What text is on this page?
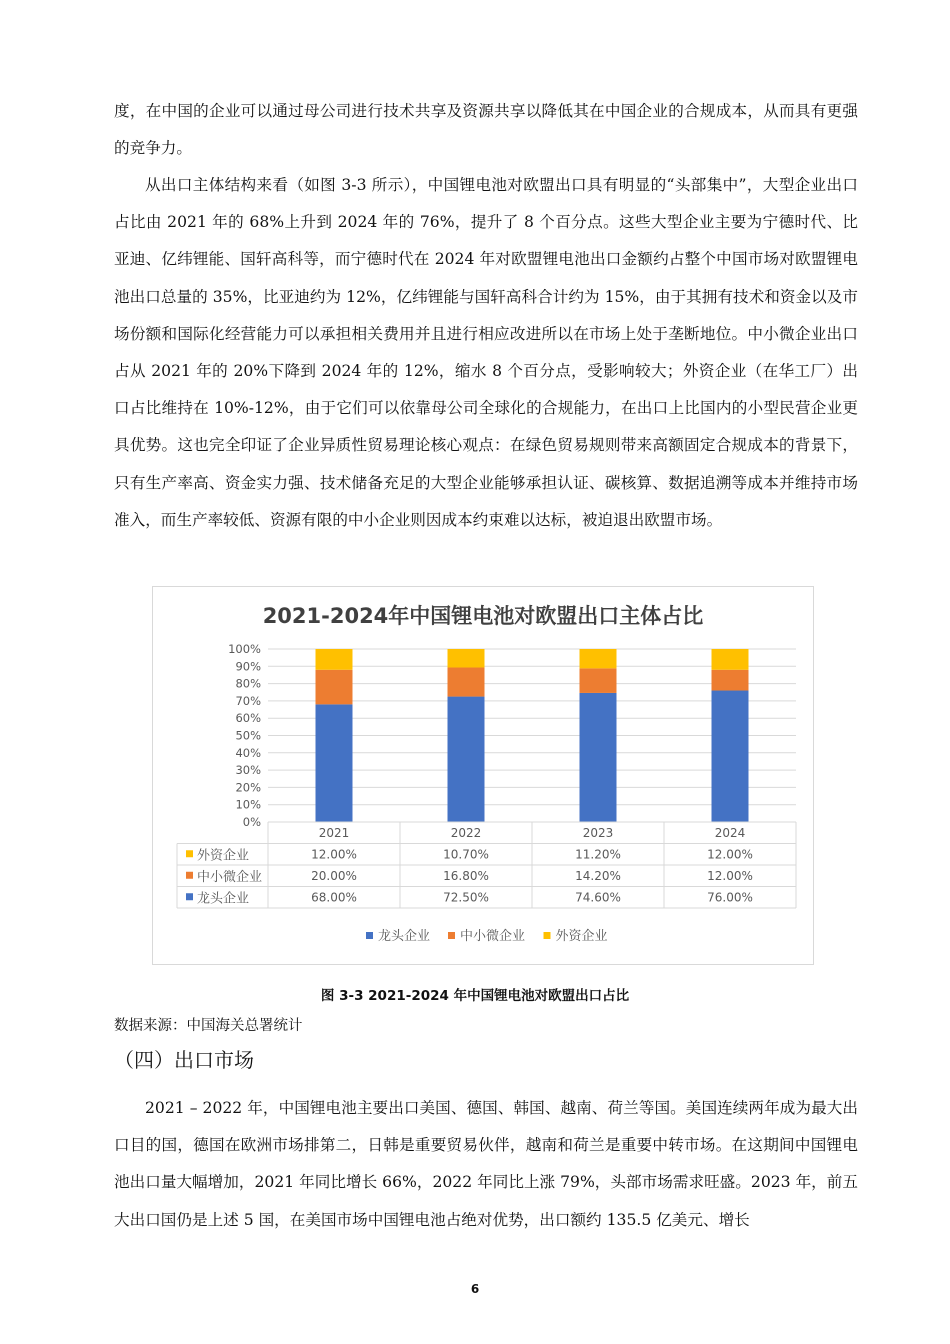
度，在中国的企业可以通过母公司进行技术共享及资源共享以降低其在中国企业的合规成本，从而具有更强的竞争力。

从出口主体结构来看（如图 3-3 所示），中国锂电池对欧盟出口具有明显的“头部集中”，大型企业出口占比由 2021 年的 68%上升到 2024 年的 76%，提升了 8 个百分点。这些大型企业主要为宁德时代、比亚迪、亿纬锂能、国轩高科等，而宁德时代在 2024 年对欧盟锂电池出口金额约占整个中国市场对欧盟锂电池出口总量的 35%，比亚迪约为 12%，亿纬锂能与国轩高科合计约为 15%，由于其拥有技术和资金以及市场份额和国际化经营能力可以承担相关费用并且进行相应改进所以在市场上处于垄断地位。中小微企业出口占从 2021 年的 20%下降到 2024 年的 12%，缩水 8 个百分点，受影响较大；外资企业（在华工厂）出口占比维持在 10%-12%，由于它们可以依靠母公司全球化的合规能力，在出口上比国内的小型民营企业更具优势。这也完全印证了企业异质性贸易理论核心观点：在绿色贸易规则带来高额固定合规成本的背景下，只有生产率高、资金实力强、技术储备充足的大型企业能够承担认证、碳核算、数据追溯等成本并维持市场准入，而生产率较低、资源有限的中小企业则因成本约束难以达标，被迫退出欧盟市场。

2021-2024年中国锂电池对欧盟出口主体占比
0%
10%
20%
30%
40%
50%
60%
70%
80%
90%
100%
2021	2022	2023	2024
外资企业	12.00%	10.70%	11.20%	12.00%
中小微企业	20.00%	16.80%	14.20%	12.00%
龙头企业	68.00%	72.50%	74.60%	76.00%
龙头企业 中小微企业 外资企业
图 3-3 2021-2024 年中国锂电池对欧盟出口占比
数据来源：中国海关总署统计
（四）出口市场

2021 – 2022 年，中国锂电池主要出口美国、德国、韩国、越南、荷兰等国。美国连续两年成为最大出口目的国，德国在欧洲市场排第二，日韩是重要贸易伙伴，越南和荷兰是重要中转市场。在这期间中国锂电池出口量大幅增加，2021 年同比增长 66%，2022 年同比上涨 79%，头部市场需求旺盛。2023 年，前五大出口国仍是上述 5 国，在美国市场中国锂电池占绝对优势，出口额约 135.5 亿美元、增长

6
